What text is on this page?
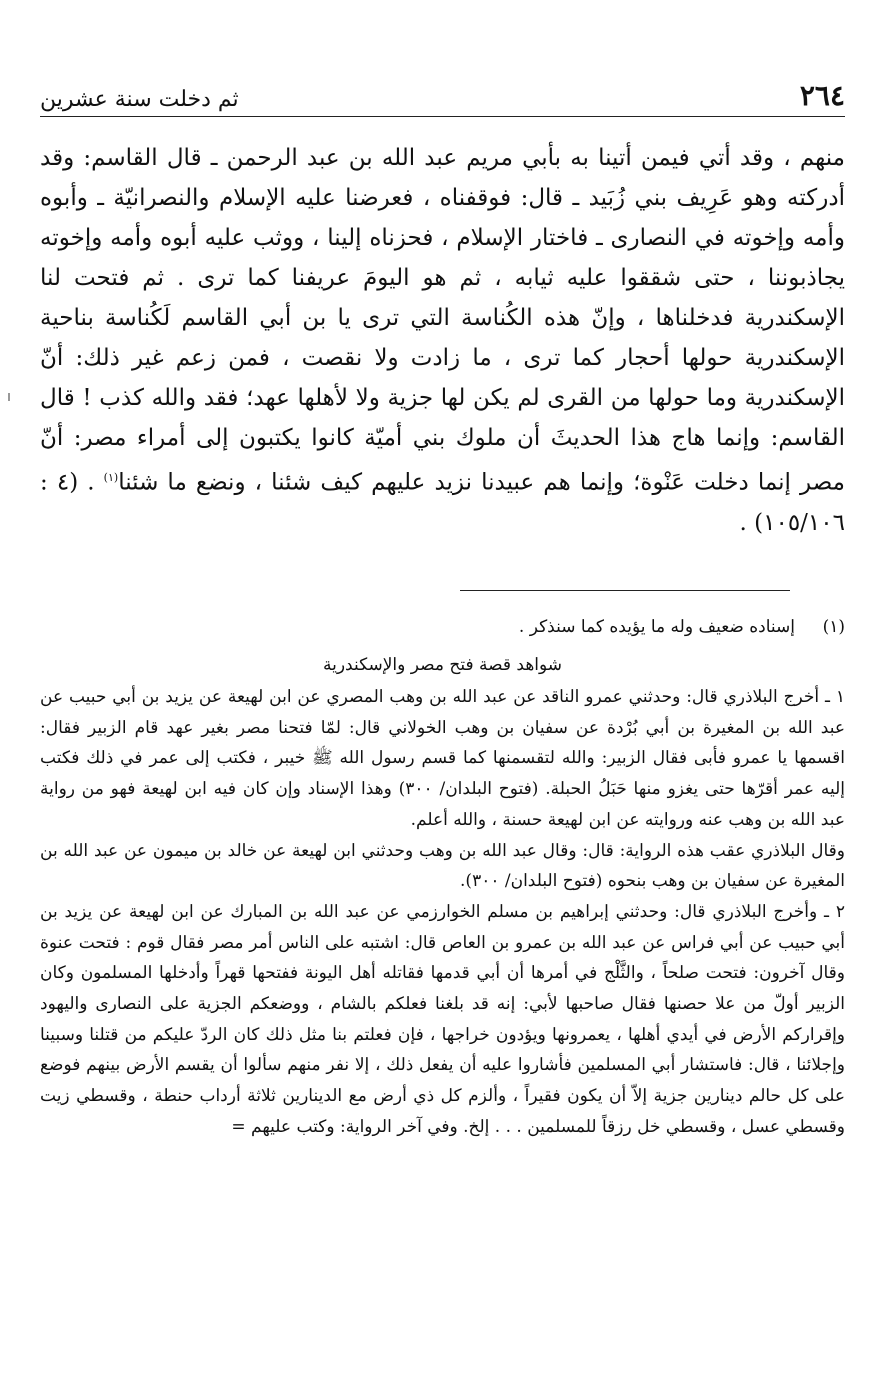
٢٦٤
ثم دخلت سنة عشرين

منهم ، وقد أتي فيمن أتينا به بأبي مريم عبد الله بن عبد الرحمن ـ قال القاسم: وقد أدركته وهو عَرِيف بني زُبَيد ـ قال: فوقفناه ، فعرضنا عليه الإسلام والنصرانيّة ـ وأبوه وأمه وإخوته في النصارى ـ فاختار الإسلام ، فحزناه إلينا ، ووثب عليه أبوه وأمه وإخوته يجاذبوننا ، حتى شققوا عليه ثيابه ، ثم هو اليومَ عريفنا كما ترى . ثم فتحت لنا الإسكندرية فدخلناها ، وإنّ هذه الكُناسة التي ترى يا بن أبي القاسم لَكُناسة بناحية الإسكندرية حولها أحجار كما ترى ، ما زادت ولا نقصت ، فمن زعم غير ذلك: أنّ الإسكندرية وما حولها من القرى لم يكن لها جزية ولا لأهلها عهد؛ فقد والله كذب ! قال القاسم: وإنما هاج هذا الحديثَ أن ملوك بني أميّة كانوا يكتبون إلى أمراء مصر: أنّ مصر إنما دخلت عَنْوة؛ وإنما هم عبيدنا نزيد عليهم كيف شئنا ، ونضع ما شئنا$^{(١)}$ . (٤ : ١٠٥/١٠٦) .

(١)
إسناده ضعيف وله ما يؤيده كما سنذكر .
شواهد قصة فتح مصر والإسكندرية

١ ـ أخرج البلاذري قال: وحدثني عمرو الناقد عن عبد الله بن وهب المصري عن ابن لهيعة عن يزيد بن أبي حبيب عن عبد الله بن المغيرة بن أبي بُرْدة عن سفيان بن وهب الخولاني قال: لمّا فتحنا مصر بغير عهد قام الزبير فقال: اقسمها يا عمرو فأبى فقال الزبير: والله لتقسمنها كما قسم رسول الله ﷺ خيبر ، فكتب إلى عمر في ذلك فكتب إليه عمر أقرّها حتى يغزو منها حَبَلُ الحبلة. (فتوح البلدان/ ٣٠٠) وهذا الإسناد وإن كان فيه ابن لهيعة فهو من رواية عبد الله بن وهب عنه وروايته عن ابن لهيعة حسنة ، والله أعلم.

وقال البلاذري عقب هذه الرواية: قال: وقال عبد الله بن وهب وحدثني ابن لهيعة عن خالد بن ميمون عن عبد الله بن المغيرة عن سفيان بن وهب بنحوه (فتوح البلدان/ ٣٠٠).

٢ ـ وأخرج البلاذري قال: وحدثني إبراهيم بن مسلم الخوارزمي عن عبد الله بن المبارك عن ابن لهيعة عن يزيد بن أبي حبيب عن أبي فراس عن عبد الله بن عمرو بن العاص قال: اشتبه على الناس أمر مصر فقال قوم : فتحت عنوة وقال آخرون: فتحت صلحاً ، والثَّلْج في أمرها أن أبي قدمها فقاتله أهل اليونة ففتحها قهراً وأدخلها المسلمون وكان الزبير أولّ من علا حصنها فقال صاحبها لأبي: إنه قد بلغنا فعلكم بالشام ، ووضعكم الجزية على النصارى واليهود وإقراركم الأرض في أيدي أهلها ، يعمرونها ويؤدون خراجها ، فإن فعلتم بنا مثل ذلك كان الردّ عليكم من قتلنا وسبينا وإجلائنا ، قال: فاستشار أبي المسلمين فأشاروا عليه أن يفعل ذلك ، إلا نفر منهم سألوا أن يقسم الأرض بينهم فوضع على كل حالم دينارين جزية إلاّ أن يكون فقيراً ، وألزم كل ذي أرض مع الدينارين ثلاثة أرداب حنطة ، وقسطي زيت وقسطي عسل ، وقسطي خل رزقاً للمسلمين . . . إلخ. وفي آخر الرواية: وكتب عليهم =
